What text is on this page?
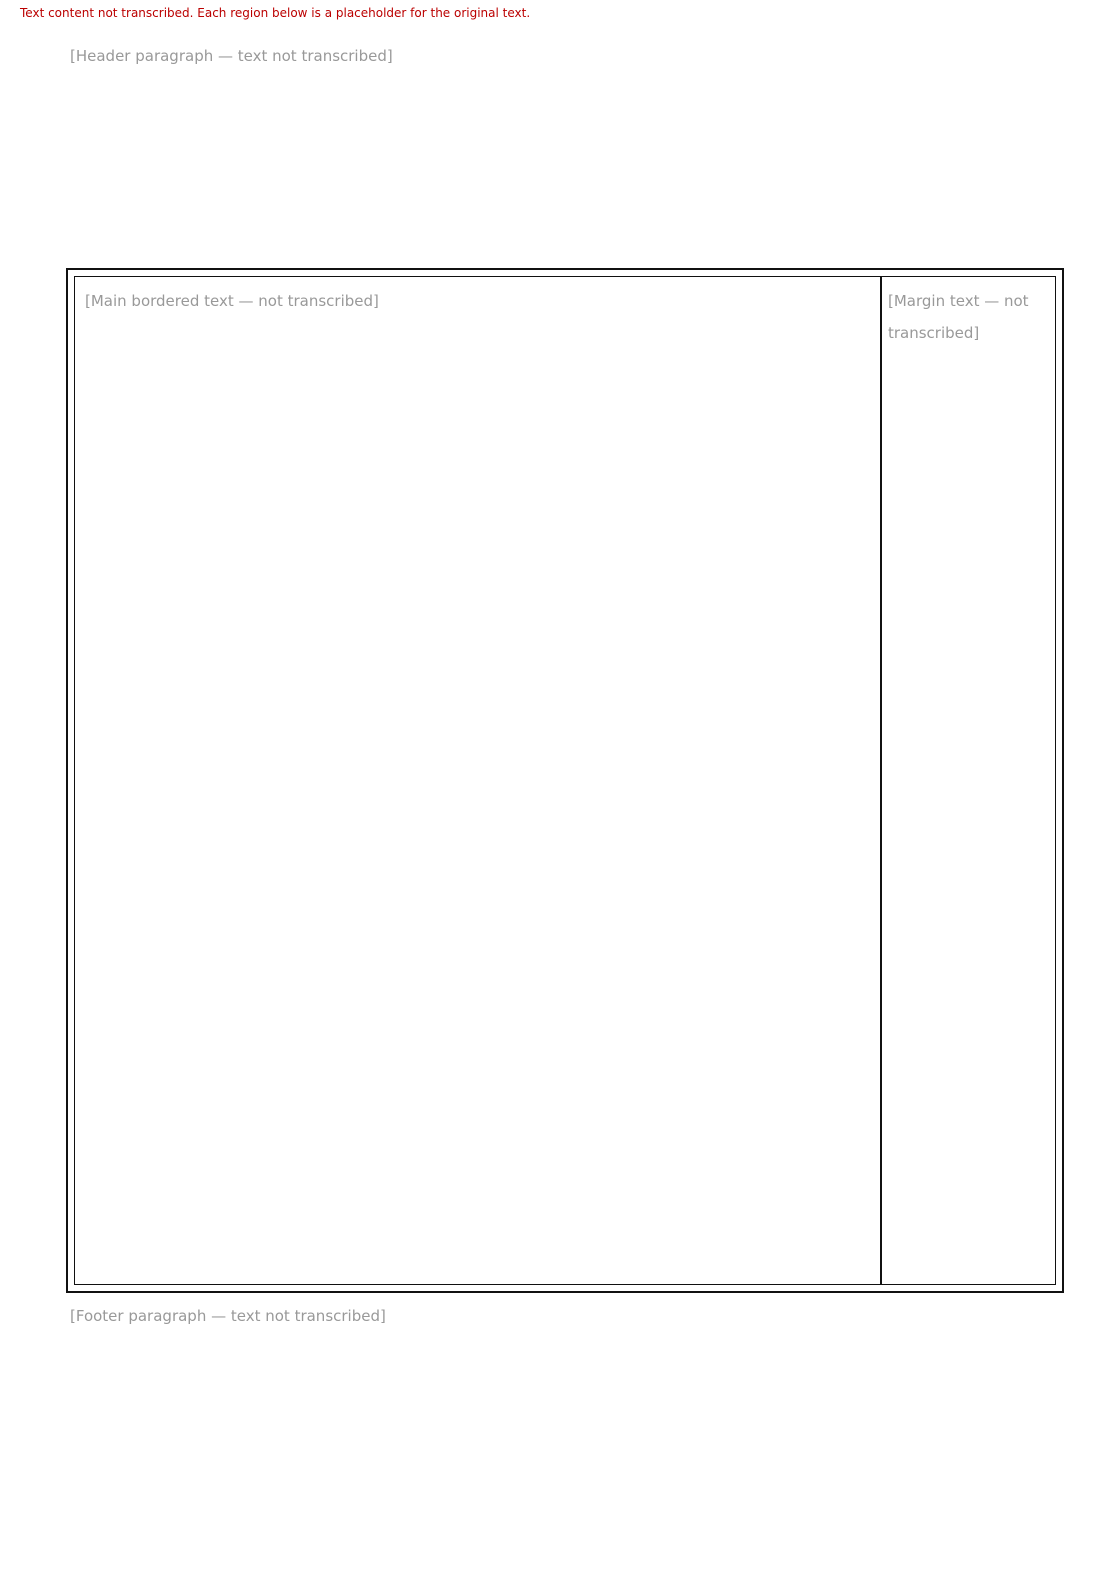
Text content not transcribed. Each region below is a placeholder for the original text.
[Header paragraph — text not transcribed]
[Main bordered text — not transcribed]	[Margin text — not transcribed]
[Footer paragraph — text not transcribed]
